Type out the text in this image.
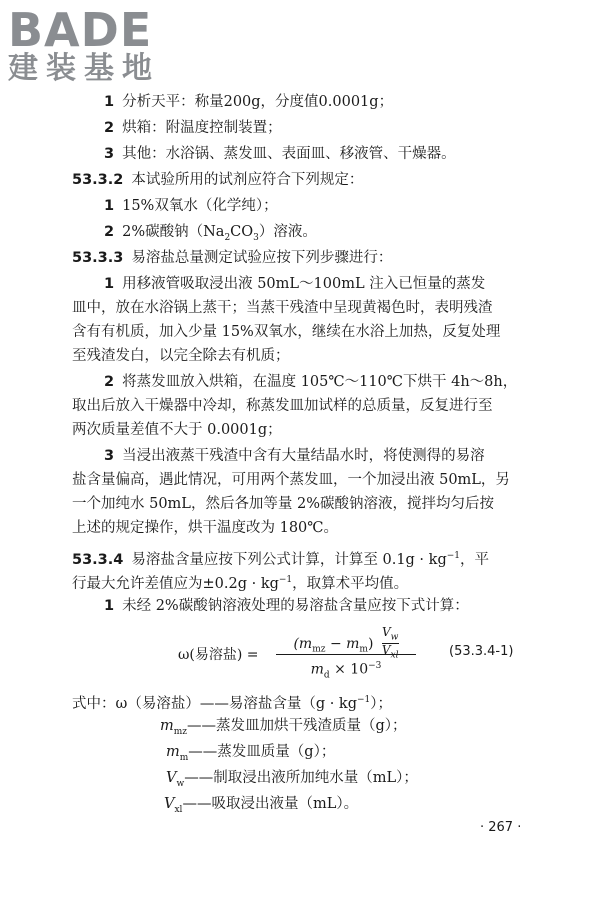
BADE
建装基地
1 分析天平：称量200g，分度值0.0001g；
2 烘箱：附温度控制装置；
3 其他：水浴锅、蒸发皿、表面皿、移液管、干燥器。
53.3.2 本试验所用的试剂应符合下列规定：
1 15%双氧水（化学纯）；
2 2%碳酸钠$(Na_2CO_3)$溶液。
53.3.3 易溶盐总量测定试验应按下列步骤进行：
1 用移液管吸取浸出液 50mL～100mL 注入已恒量的蒸发
皿中，放在水浴锅上蒸干；当蒸干残渣中呈现黄褐色时，表明残渣
含有有机质，加入少量 15%双氧水，继续在水浴上加热，反复处理
至残渣发白，以完全除去有机质；
2 将蒸发皿放入烘箱，在温度 105℃～110℃下烘干 4h～8h，
取出后放入干燥器中冷却，称蒸发皿加试样的总质量，反复进行至
两次质量差值不大于 0.0001g；
3 当浸出液蒸干残渣中含有大量结晶水时，将使测得的易溶
盐含量偏高，遇此情况，可用两个蒸发皿，一个加浸出液 50mL，另
一个加纯水 50mL，然后各加等量 2%碳酸钠溶液，搅拌均匀后按
上述的规定操作，烘干温度改为 180℃。
53.3.4 易溶盐含量应按下列公式计算，计算至 $0.1g \cdot kg^{-1}$，平
行最大允许差值应为$\pm 0.2g \cdot kg^{-1}$，取算术平均值。
1 未经 2%碳酸钠溶液处理的易溶盐含量应按下式计算：
ω(易溶盐) =
$(m_{mz} - m_m)$
$V_w$
$V_{xl}$
$m_d \times 10^{-3}$
(53.3.4-1)
式中：ω（易溶盐）——易溶盐含量$(g \cdot kg^{-1})$；
$m_{mz}——$蒸发皿加烘干残渣质量（g）；
$m_m——$蒸发皿质量（g）；
$V_w——$制取浸出液所加纯水量（mL）；
$V_{xl}——$吸取浸出液量（mL）。
· 267 ·
